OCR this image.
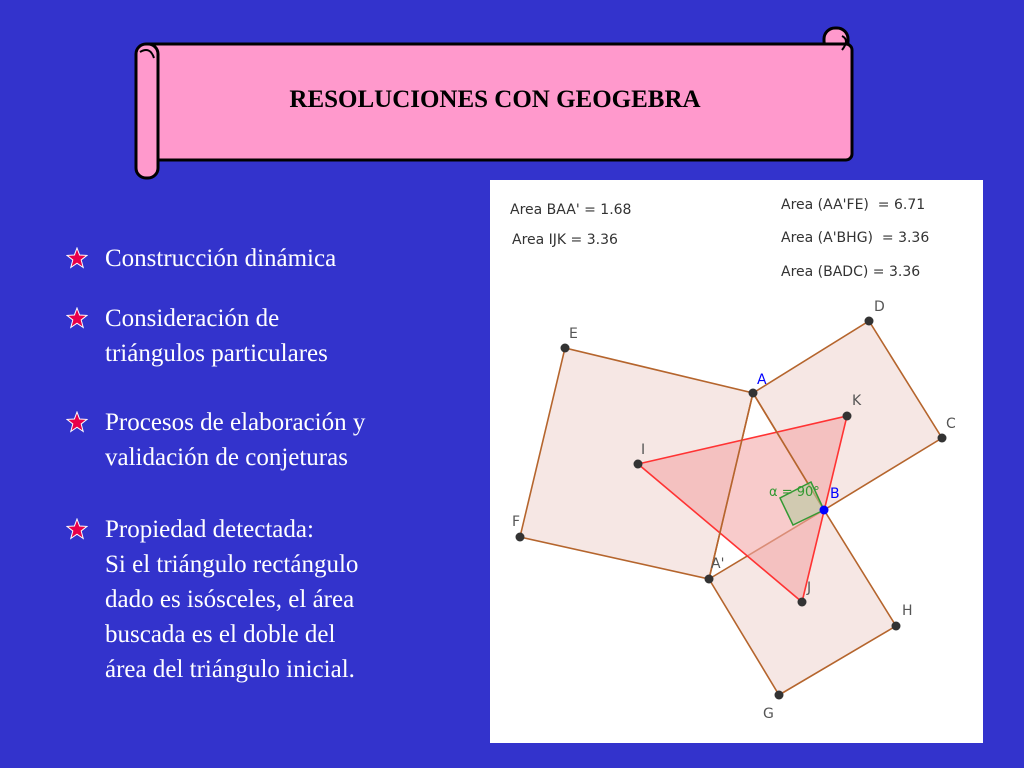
RESOLUCIONES CON GEOGEBRA
Construcción dinámica
Consideración de
triángulos particulares
Procesos de elaboración y
validación de conjeturas
Propiedad detectada:
Si el triángulo rectángulo
dado es isósceles, el área
buscada es el doble del
área del triángulo inicial.
α = 90°
A
B
C
D
E
F
G
H
I
J
K
A'
Area BAA' = 1.68
Area IJK = 3.36
Area (AA'FE)  = 6.71
Area (A'BHG)  = 3.36
Area (BADC) = 3.36
